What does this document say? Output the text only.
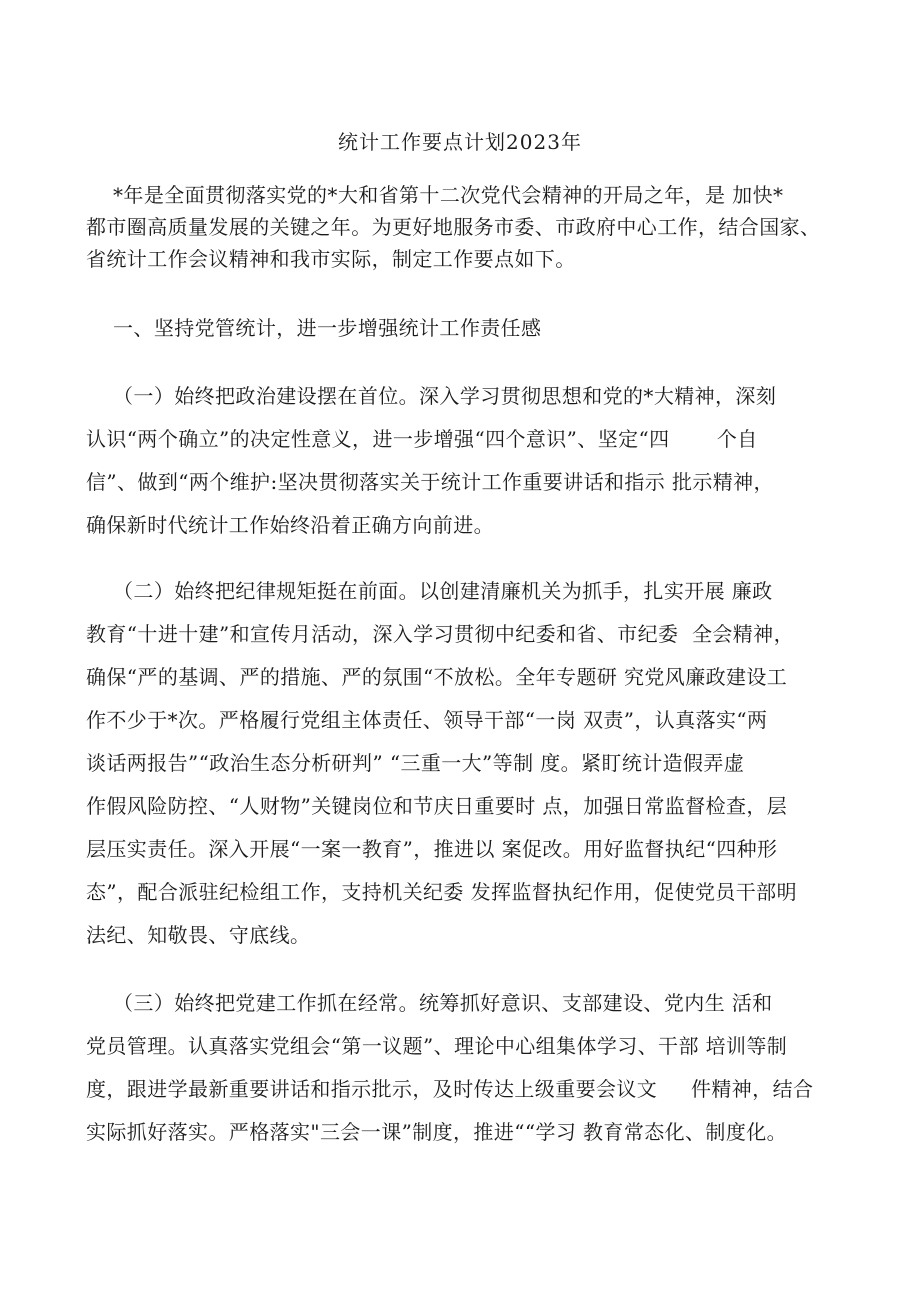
统计工作要点计划2023年
*年是全面贯彻落实党的*大和省第十二次党代会精神的开局之年，是 加快*
都市圈高质量发展的关键之年。为更好地服务市委、市政府中心工作，结合国家、
省统计工作会议精神和我市实际，制定工作要点如下。
一、坚持党管统计，进一步增强统计工作责任感
（一）始终把政治建设摆在首位。深入学习贯彻思想和党的*大精神，深刻
认识“两个确立”的决定性意义，进一步增强“四个意识”、坚定“四       个自
信”、做到“两个维护:坚决贯彻落实关于统计工作重要讲话和指示 批示精神，
确保新时代统计工作始终沿着正确方向前进。
（二）始终把纪律规矩挺在前面。以创建清廉机关为抓手，扎实开展 廉政
教育“十进十建”和宣传月活动，深入学习贯彻中纪委和省、市纪委  全会精神，
确保“严的基调、严的措施、严的氛围“不放松。全年专题研 究党风廉政建设工
作不少于*次。严格履行党组主体责任、领导干部“一岗 双责”，认真落实“两
谈话两报告”“政治生态分析研判” “三重一大”等制 度。紧盯统计造假弄虚
作假风险防控、“人财物”关键岗位和节庆日重要时 点，加强日常监督检查，层
层压实责任。深入开展“一案一教育”，推进以 案促改。用好监督执纪“四种形
态”，配合派驻纪检组工作，支持机关纪委 发挥监督执纪作用，促使党员干部明
法纪、知敬畏、守底线。
（三）始终把党建工作抓在经常。统筹抓好意识、支部建设、党内生 活和
党员管理。认真落实党组会“第一议题”、理论中心组集体学习、干部 培训等制
度，跟进学最新重要讲话和指示批示，及时传达上级重要会议文     件精神，结合
实际抓好落实。严格落实"三会一课”制度，推进““学习 教育常态化、制度化。
